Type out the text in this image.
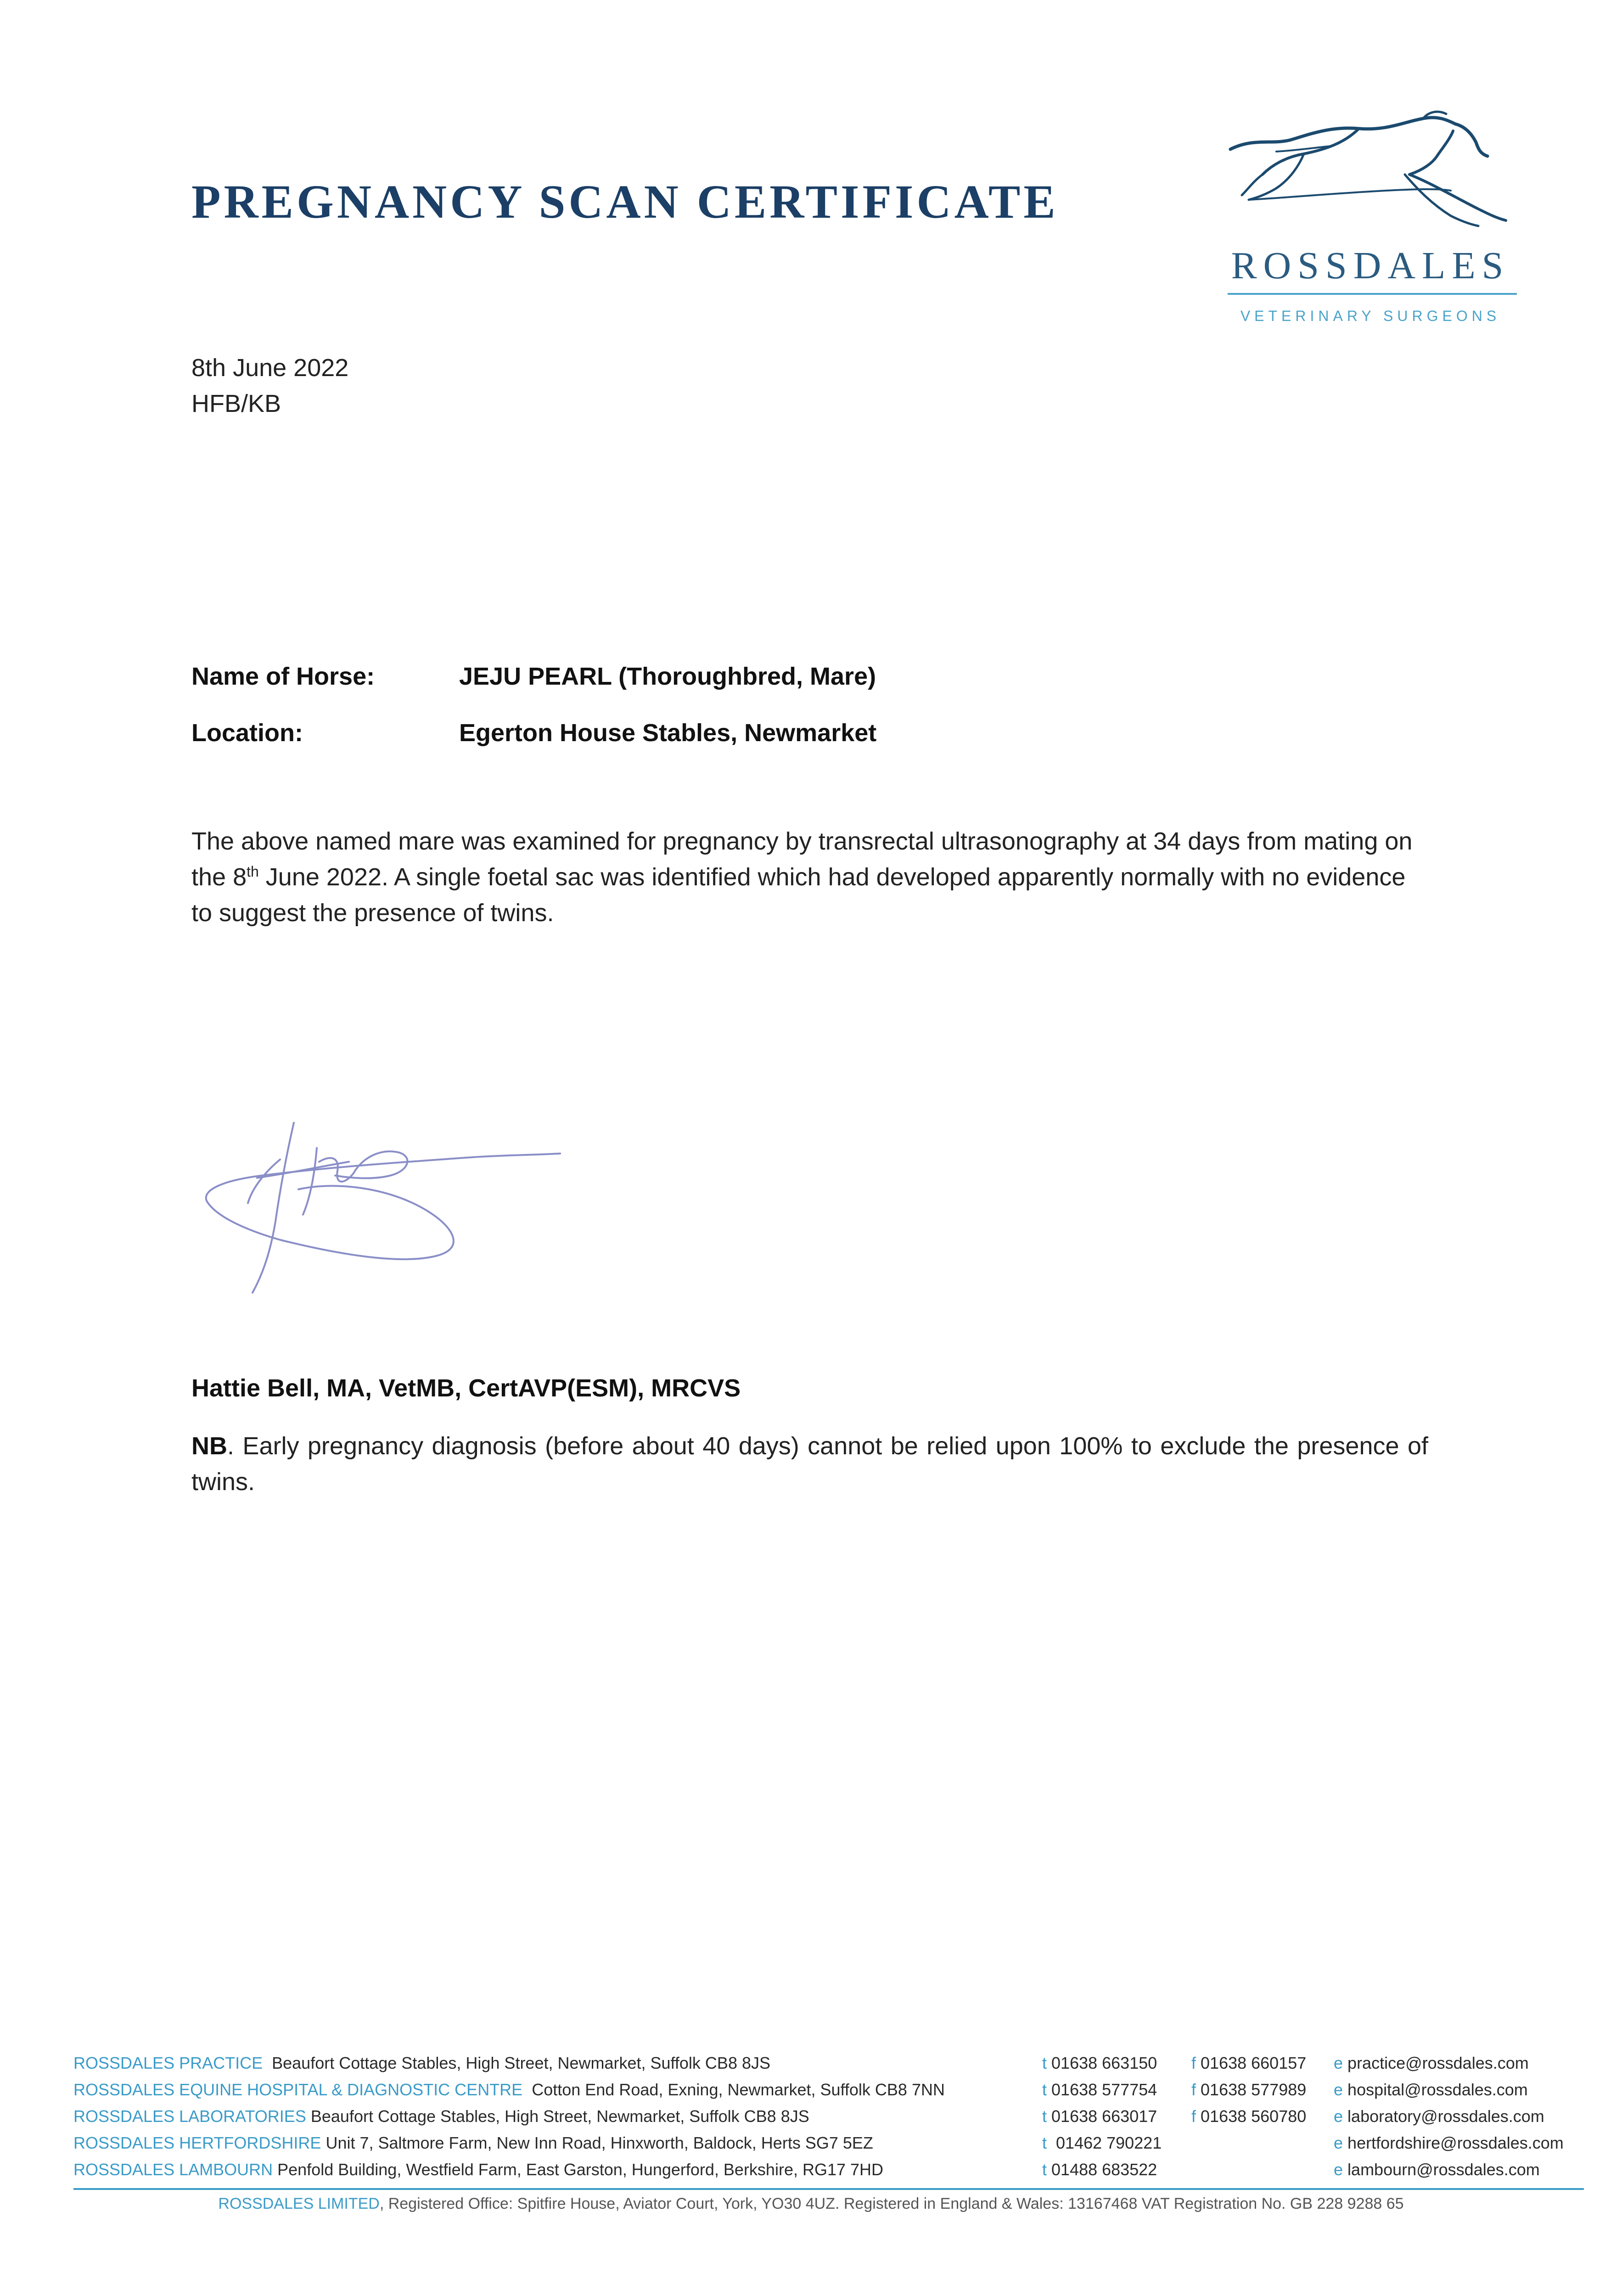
PREGNANCY SCAN CERTIFICATE
ROSSDALES
VETERINARY SURGEONS
8th June 2022
HFB/KB
Name of Horse:	JEJU PEARL (Thoroughbred, Mare)
Location:	Egerton House Stables, Newmarket
The above named mare was examined for pregnancy by transrectal ultrasonography at 34 days from mating on the 8th June 2022. A single foetal sac was identified which had developed apparently normally with no evidence to suggest the presence of twins.
Hattie Bell, MA, VetMB, CertAVP(ESM), MRCVS
NB. Early pregnancy diagnosis (before about 40 days) cannot be relied upon 100% to exclude the presence of twins.
ROSSDALES PRACTICE Beaufort Cottage Stables, High Street, Newmarket, Suffolk CB8 8JS	t 01638 663150 f 01638 660157 e practice@rossdales.com
ROSSDALES EQUINE HOSPITAL & DIAGNOSTIC CENTRE Cotton End Road, Exning, Newmarket, Suffolk CB8 7NN	t 01638 577754 f 01638 577989 e hospital@rossdales.com
ROSSDALES LABORATORIES Beaufort Cottage Stables, High Street, Newmarket, Suffolk CB8 8JS	t 01638 663017 f 01638 560780 e laboratory@rossdales.com
ROSSDALES HERTFORDSHIRE Unit 7, Saltmore Farm, New Inn Road, Hinxworth, Baldock, Herts SG7 5EZ	t 01462 790221	e hertfordshire@rossdales.com
ROSSDALES LAMBOURN Penfold Building, Westfield Farm, East Garston, Hungerford, Berkshire, RG17 7HD	t 01488 683522	e lambourn@rossdales.com
ROSSDALES LIMITED, Registered Office: Spitfire House, Aviator Court, York, YO30 4UZ. Registered in England & Wales: 13167468 VAT Registration No. GB 228 9288 65
